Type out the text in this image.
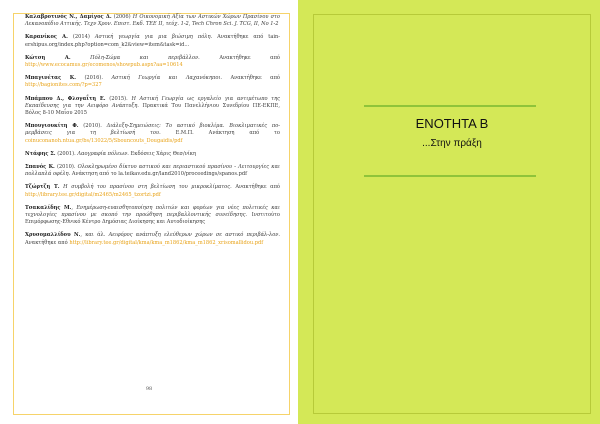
Καλαβροτινός Ν., Δαμίγος Δ. (2006) Η Οικονομική Αξία των Αστικών Χώρων Πρασίνου στο Λεκανοπέδιο Αττικής. Τεχν Χρον. Επιστ. Εκδ. ΤΕΕ ΙΙ, τεύχ. 1-2, Tech Chron Sci. J. TCG, ΙΙ, Νο 1-2

Καρανίκος Α. (2014) Αστική γεωργία για μια βιώσιμη πόλη. Ανακτήθηκε από tain-ershipus.org/index.php?option=com_k2&view=item&task=id...

Κώτση Α.	Πόλη-Σώμα και περιβάλλον. Ανακτήθηκε από http://www.ecocamus.gr/ecomenos/showpub.aspx?aa=10614

Μπαγινέτας Κ. (2016). Αστική Γεωργία και Λαχανόκηποι. Ανακτήθηκε από http://bagionites.com/?p=327

Μπάμπου Δ., Φλογαΐτη Ε. (2015). Η Αστική Γεωργία ως εργαλείο για αντιμέτωπο της Εκπαίδευσης για την Αειφόρο Ανάπτυξη. Πρακτικά Του Πανελλήνιου Συνεδρίου ΠΕ-ΕΚΠΕ, Βόλος 8-10 Μαΐου 2015

Μπουγιουκίτη Φ. (2010). Διάλεξη-Σημειώσεις: Το αστικό βιοκλίμα. Βιοκλιματικές πο-μεμβάσεις για τη βελτίωσή του. Ε.Μ.Π. Ανάκτηση από το coinuconanoh.ntua.gr/bs/13022/5/Sbouncouts_Dougaidis/pdf

Ντάφης Σ. (2001). Λαογραφία πόλεων. Εκδόσεις Χάρις Θεσ/νίκη

Σπανός Κ. (2010). Ολοκληρωμένο δίκτυο αστικού και περιαστικού πρασίνου - Λειτουργίες και πολλαπλά οφέλη. Ανάκτηση από το la.teikav.edu.gr/land2010/proceedings/spanos.pdf

Τζώρτζη Τ. Η συμβολή του πρασίνου στη βελτίωση του μικροκλίματος. Ανακτήθηκε από http://library.tee.gr/digital/m2465/m2465_tzortzi.pdf

Τσακαλίδης Μ., Ενημέρωση-ευαισθητοποίηση πολιτών και φορέων για νέες πολιτικές και τεχνολογίες πρασίνου με σκοπό την προώθηση περιβαλλοντικής συνείδησης. Ινστιτούτο Επιμόρφωσης-Εθνικό Κέντρο Δημόσιας Διοίκησης και Αυτοδιοίκησης

Χρυσομαλλίδου Ν., και άλ. Αειφόρος ανάπτυξη ελεύθερων χώρων σε αστικό περιβάλ-λον. Ανακτήθηκε από http://library.tee.gr/digital/kma/kma_m1862/kma_m1862_xrisomallidou.pdf

98
ΕΝΟΤΗΤΑ Β
...Στην πράξη
